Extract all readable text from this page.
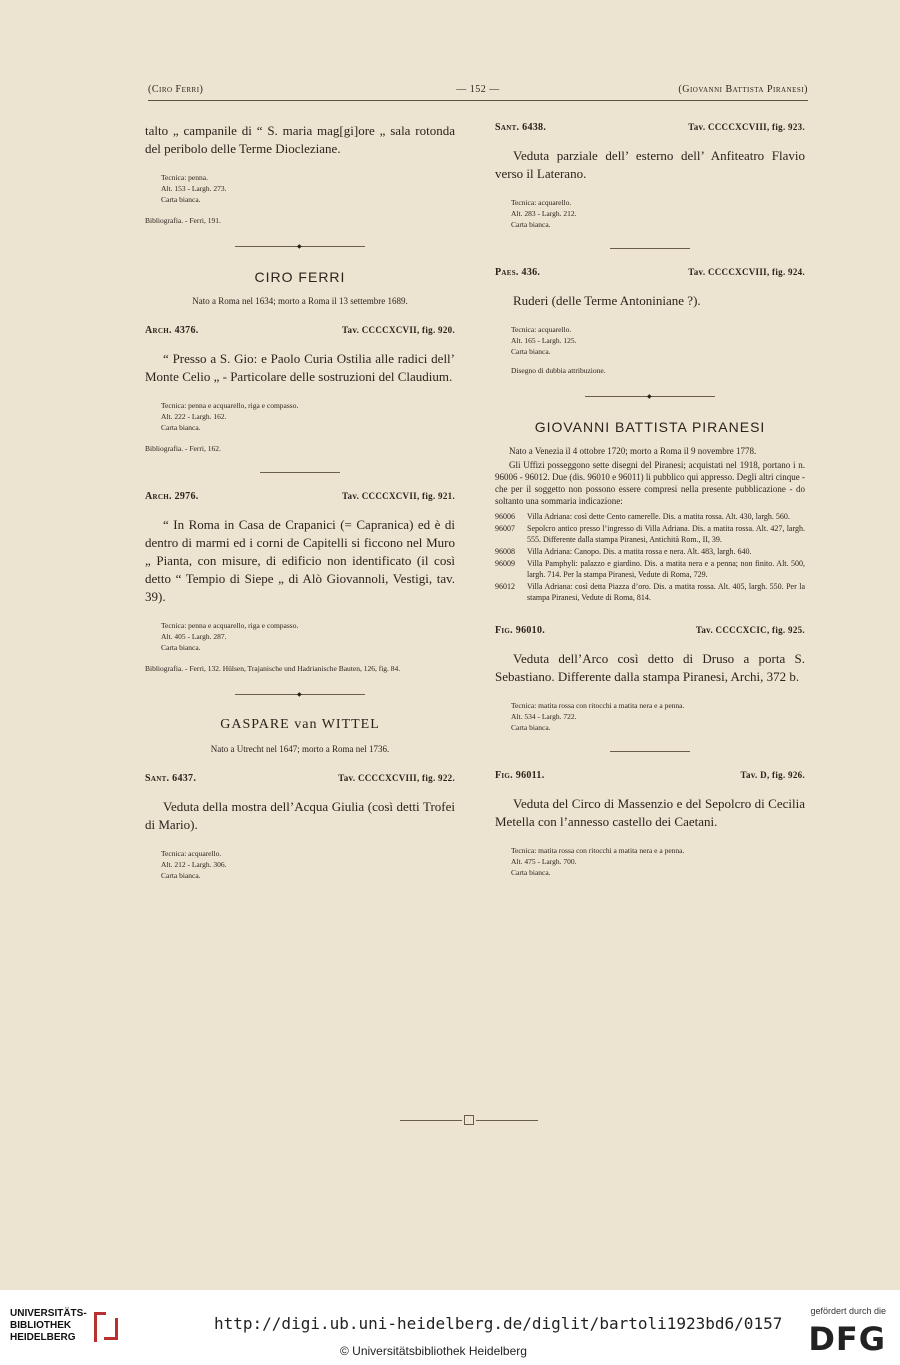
(Ciro Ferri)	— 152 —	(Giovanni Battista Piranesi)
talto „ campanile di “ S. maria mag[gi]ore „ sala rotonda del peribolo delle Terme Diocleziane.
Tecnica: penna.
Alt. 153 - Largh. 273.
Carta bianca.
Bibliografia. - Ferri, 191.
◆
CIRO FERRI
Nato a Roma nel 1634; morto a Roma il 13 settembre 1689.
Arch. 4376.	Tav. CCCCXCVII, fig. 920.
“ Presso a S. Gio: e Paolo Curia Ostilia alle radici dell’ Monte Celio „ - Particolare delle sostruzioni del Claudium.
Tecnica: penna e acquarello, riga e compasso.
Alt. 222 - Largh. 162.
Carta bianca.
Bibliografia. - Ferri, 162.
Arch. 2976.	Tav. CCCCXCVII, fig. 921.
“ In Roma in Casa de Crapanici (= Capranica) ed è di dentro di marmi ed i corni de Capitelli si ficcono nel Muro „ Pianta, con misure, di edificio non identificato (il così detto “ Tempio di Siepe „ di Alò Giovannoli, Vestigi, tav. 39).
Tecnica: penna e acquarello, riga e compasso.
Alt. 405 - Largh. 287.
Carta bianca.
Bibliografia. - Ferri, 132. Hülsen, Trajanische und Hadrianische Bauten, 126, fig. 84.
◆
GASPARE van WITTEL
Nato a Utrecht nel 1647; morto a Roma nel 1736.
Sant. 6437.	Tav. CCCCXCVIII, fig. 922.
Veduta della mostra dell’Acqua Giulia (così detti Trofei di Mario).
Tecnica: acquarello.
Alt. 212 - Largh. 306.
Carta bianca.
Sant. 6438.	Tav. CCCCXCVIII, fig. 923.
Veduta parziale dell’ esterno dell’ Anfiteatro Flavio verso il Laterano.
Tecnica: acquarello.
Alt. 283 - Largh. 212.
Carta bianca.
Paes. 436.	Tav. CCCCXCVIII, fig. 924.
Ruderi (delle Terme Antoniniane ?).
Tecnica: acquarello.
Alt. 165 - Largh. 125.
Carta bianca.
Disegno di dubbia attribuzione.
◆
GIOVANNI BATTISTA PIRANESI
Nato a Venezia il 4 ottobre 1720; morto a Roma il 9 novembre 1778.
Gli Uffizi posseggono sette disegni del Piranesi; acquistati nel 1918, portano i n. 96006 - 96012. Due (dis. 96010 e 96011) li pubblico qui appresso. Degli altri cinque - che per il soggetto non possono essere compresi nella presente pubblicazione - do soltanto una sommaria indicazione:
96006	Villa Adriana: così dette Cento camerelle. Dis. a matita rossa. Alt. 430, largh. 560.
96007	Sepolcro antico presso l’ingresso di Villa Adriana. Dis. a matita rossa. Alt. 427, largh. 555. Differente dalla stampa Piranesi, Antichità Rom., II, 39.
96008	Villa Adriana: Canopo. Dis. a matita rossa e nera. Alt. 483, largh. 640.
96009	Villa Pamphyli: palazzo e giardino. Dis. a matita nera e a penna; non finito. Alt. 500, largh. 714. Per la stampa Piranesi, Vedute di Roma, 729.
96012	Villa Adriana: così detta Piazza d’oro. Dis. a matita rossa. Alt. 405, largh. 550. Per la stampa Piranesi, Vedute di Roma, 814.
Fig. 96010.	Tav. CCCCXCIC, fig. 925.
Veduta dell’Arco così detto di Druso a porta S. Sebastiano. Differente dalla stampa Piranesi, Archi, 372 b.
Tecnica: matita rossa con ritocchi a matita nera e a penna.
Alt. 534 - Largh. 722.
Carta bianca.
Fig. 96011.	Tav. D, fig. 926.
Veduta del Circo di Massenzio e del Sepolcro di Cecilia Metella con l’annesso castello dei Caetani.
Tecnica: matita rossa con ritocchi a matita nera e a penna.
Alt. 475 - Largh. 700.
Carta bianca.
UNIVERSITÄTS-
BIBLIOTHEK
HEIDELBERG
http://digi.ub.uni-heidelberg.de/diglit/bartoli1923bd6/0157
© Universitätsbibliothek Heidelberg
gefördert durch die
DFG
